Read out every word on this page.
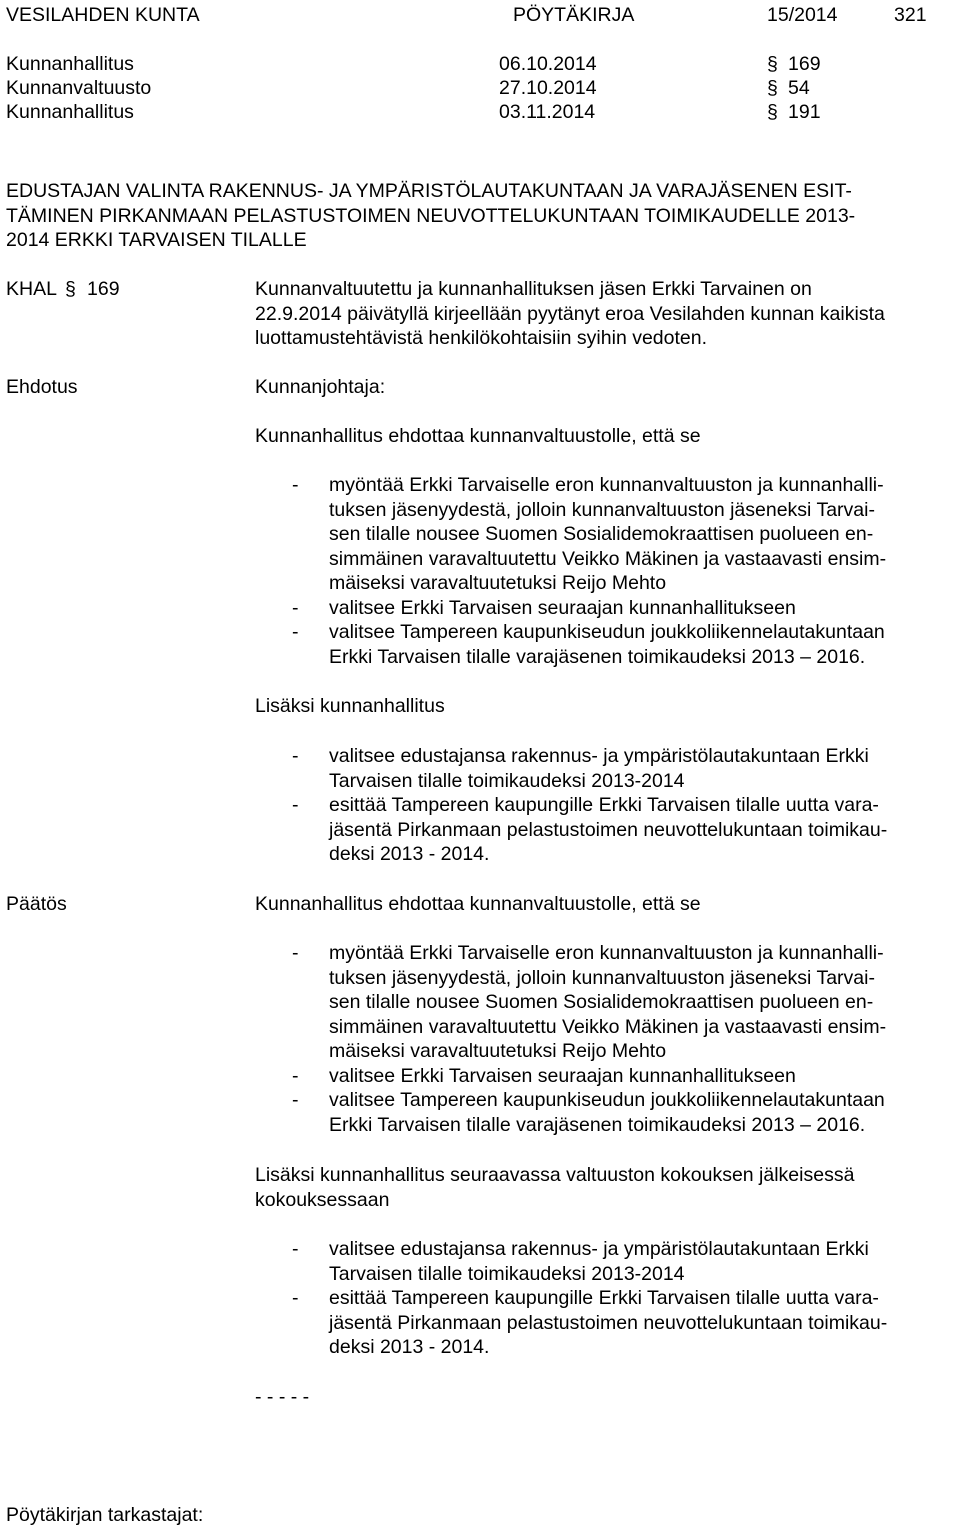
VESILAHDEN KUNTA	PÖYTÄKIRJA	15/2014	321
Kunnanhallitus	06.10.2014	§ 169
Kunnanvaltuusto	27.10.2014	§ 54
Kunnanhallitus	03.11.2014	§ 191
EDUSTAJAN VALINTA RAKENNUS- JA YMPÄRISTÖLAUTAKUNTAAN JA VARAJÄSENEN ESIT-
TÄMINEN PIRKANMAAN PELASTUSTOIMEN NEUVOTTELUKUNTAAN TOIMIKAUDELLE 2013-
2014 ERKKI TARVAISEN TILALLE
KHAL § 169	Kunnanvaltuutettu ja kunnanhallituksen jäsen Erkki Tarvainen on
22.9.2014 päivätyllä kirjeellään pyytänyt eroa Vesilahden kunnan kaikista
luottamustehtävistä henkilökohtaisiin syihin vedoten.
Ehdotus	Kunnanjohtaja:
Kunnanhallitus ehdottaa kunnanvaltuustolle, että se
- myöntää Erkki Tarvaiselle eron kunnanvaltuuston ja kunnanhalli-
tuksen jäsenyydestä, jolloin kunnanvaltuuston jäseneksi Tarvai-
sen tilalle nousee Suomen Sosialidemokraattisen puolueen en-
simmäinen varavaltuutettu Veikko Mäkinen ja vastaavasti ensim-
mäiseksi varavaltuutetuksi Reijo Mehto
- valitsee Erkki Tarvaisen seuraajan kunnanhallitukseen
- valitsee Tampereen kaupunkiseudun joukkoliikennelautakuntaan
Erkki Tarvaisen tilalle varajäsenen toimikaudeksi 2013 – 2016.
Lisäksi kunnanhallitus
- valitsee edustajansa rakennus- ja ympäristölautakuntaan Erkki
Tarvaisen tilalle toimikaudeksi 2013-2014
- esittää Tampereen kaupungille Erkki Tarvaisen tilalle uutta vara-
jäsentä Pirkanmaan pelastustoimen neuvottelukuntaan toimikau-
deksi 2013 - 2014.
Päätös	Kunnanhallitus ehdottaa kunnanvaltuustolle, että se
- myöntää Erkki Tarvaiselle eron kunnanvaltuuston ja kunnanhalli-
tuksen jäsenyydestä, jolloin kunnanvaltuuston jäseneksi Tarvai-
sen tilalle nousee Suomen Sosialidemokraattisen puolueen en-
simmäinen varavaltuutettu Veikko Mäkinen ja vastaavasti ensim-
mäiseksi varavaltuutetuksi Reijo Mehto
- valitsee Erkki Tarvaisen seuraajan kunnanhallitukseen
- valitsee Tampereen kaupunkiseudun joukkoliikennelautakuntaan
Erkki Tarvaisen tilalle varajäsenen toimikaudeksi 2013 – 2016.
Lisäksi kunnanhallitus seuraavassa valtuuston kokouksen jälkeisessä
kokouksessaan
- valitsee edustajansa rakennus- ja ympäristölautakuntaan Erkki
Tarvaisen tilalle toimikaudeksi 2013-2014
- esittää Tampereen kaupungille Erkki Tarvaisen tilalle uutta vara-
jäsentä Pirkanmaan pelastustoimen neuvottelukuntaan toimikau-
deksi 2013 - 2014.
- - - - -
Pöytäkirjan tarkastajat:
